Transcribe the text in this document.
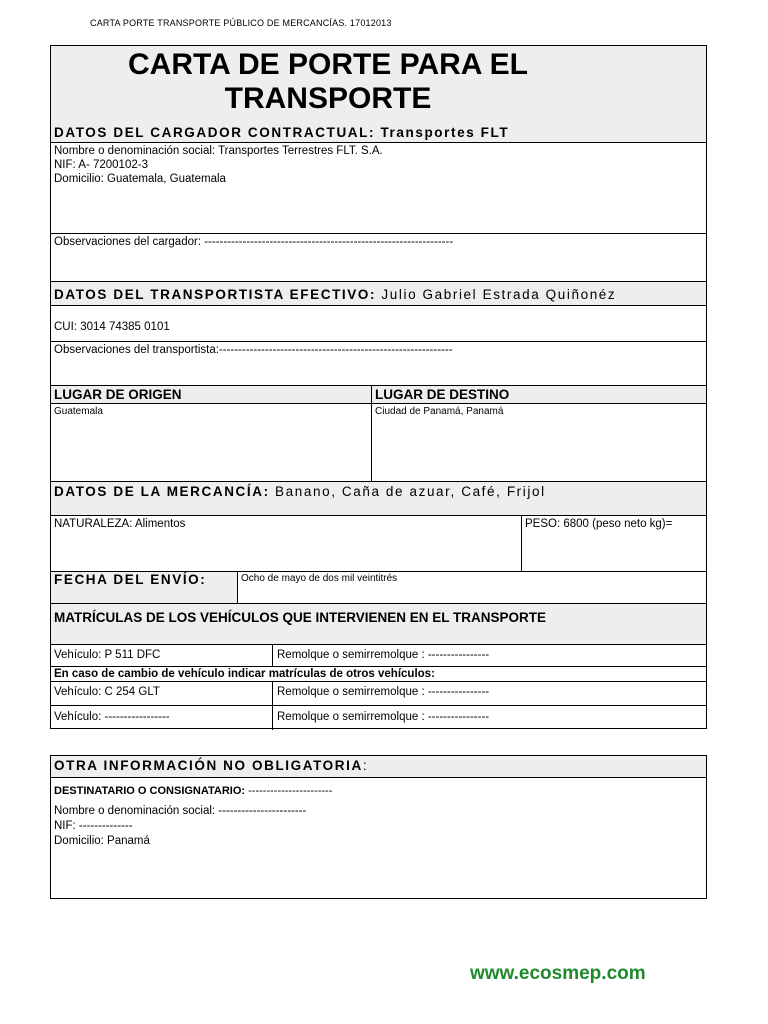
CARTA PORTE TRANSPORTE PÚBLICO DE MERCANCÍAS. 17012013
CARTA DE PORTE PARA EL
TRANSPORTE
DATOS DEL CARGADOR CONTRACTUAL: Transportes FLT
Nombre o denominación social: Transportes Terrestres FLT. S.A.
NIF: A- 7200102-3
Domicilio: Guatemala, Guatemala
Observaciones del cargador: -----------------------------------------------------------------
DATOS DEL TRANSPORTISTA EFECTIVO: Julio Gabriel Estrada Quiñonéz
CUI: 3014 74385 0101
Observaciones del transportista:-------------------------------------------------------------
LUGAR DE ORIGEN	LUGAR DE DESTINO
Guatemala	Ciudad de Panamá, Panamá
DATOS DE LA MERCANCÍA: Banano, Caña de azuar, Café, Frijol
NATURALEZA: Alimentos	PESO: 6800 (peso neto kg)=
FECHA DEL ENVÍO:	Ocho de mayo de dos mil veintitrés
MATRÍCULAS DE LOS VEHÍCULOS QUE INTERVIENEN EN EL TRANSPORTE
Vehículo: P 511 DFC	Remolque o semirremolque : ----------------
En caso de cambio de vehículo indicar matrículas de otros vehículos:
Vehículo: C 254 GLT	Remolque o semirremolque : ----------------
Vehículo: -----------------	Remolque o semirremolque : ----------------
OTRA INFORMACIÓN NO OBLIGATORIA:
DESTINATARIO O CONSIGNATARIO: -----------------------
Nombre o denominación social: -----------------------
NIF: --------------
Domicilio: Panamá
www.ecosmep.com
